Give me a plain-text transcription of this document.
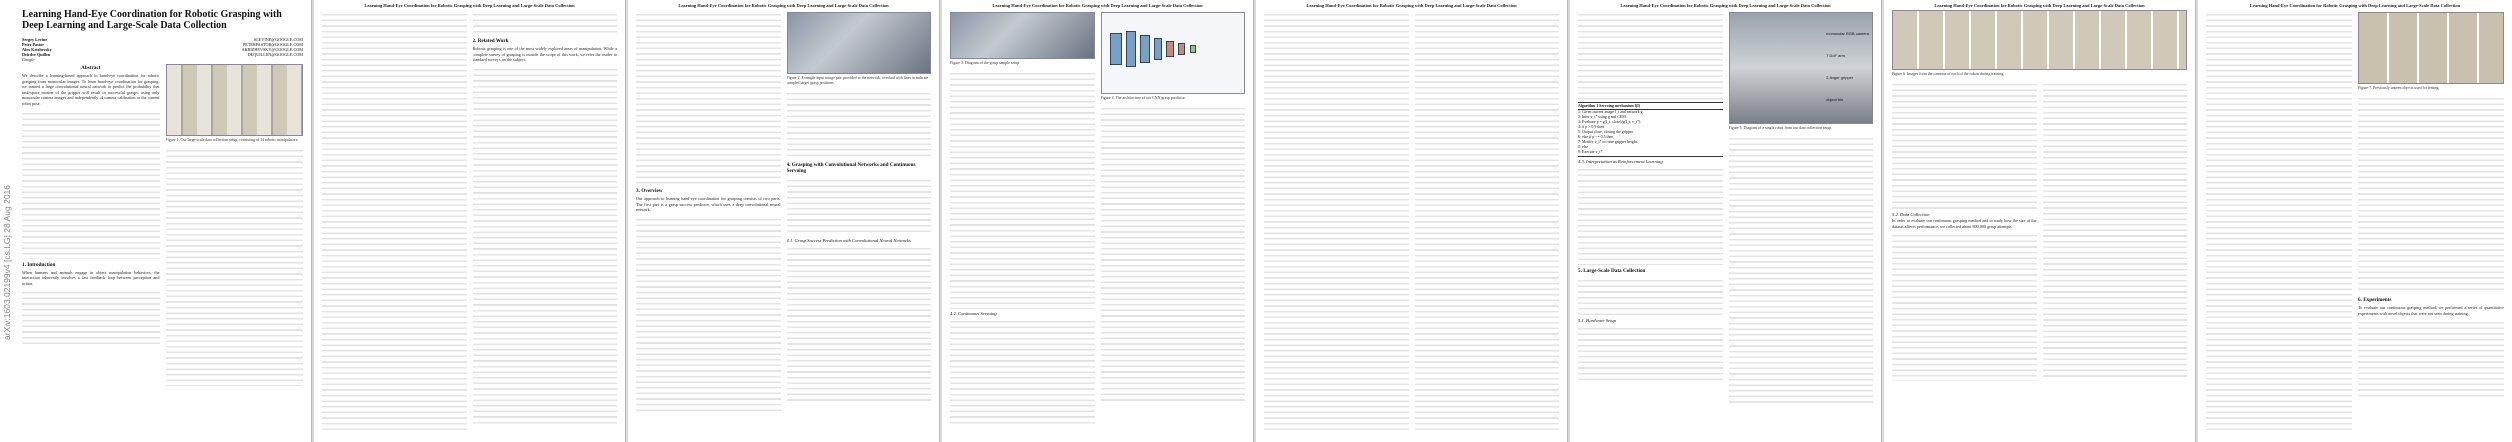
arXiv:1603.02199v4 [cs.LG] 28 Aug 2016
Learning Hand-Eye Coordination for Robotic Grasping with Deep Learning and Large-Scale Data Collection
Sergey Levine
Peter Pastor
Alex Krizhevsky
Deirdre Quillen
Google
SLEVINE@GOOGLE.COM
PETERPASTOR@GOOGLE.COM
AKRIZHEVSKY@GOOGLE.COM
DEQUILLEN@GOOGLE.COM
Abstract

We describe a learning-based approach to hand-eye coordination for robotic grasping from monocular images. To learn hand-eye coordination for grasping, we trained a large convolutional neural network to predict the probability that task-space motion of the gripper will result in successful grasps, using only monocular camera images and independently of camera calibration or the current robot pose.

1. Introduction

When humans and animals engage in object manipulation behaviors, the interaction inherently involves a fast feedback loop between perception and action.

Figure 1. Our large-scale data collection setup, consisting of 14 robotic manipulators.
Learning Hand-Eye Coordination for Robotic Grasping with Deep Learning and Large-Scale Data Collection
2. Related Work

Robotic grasping is one of the most widely explored areas of manipulation. While a complete survey of grasping is outside the scope of this work, we refer the reader to standard surveys on the subject.

Learning Hand-Eye Coordination for Robotic Grasping with Deep Learning and Large-Scale Data Collection
3. Overview

Our approach to learning hand-eye coordination for grasping consists of two parts. The first part is a grasp success predictor, which uses a deep convolutional neural network.

Figure 2. Example input image pair provided to the network, overlaid with lines to indicate sampled target grasp positions.
4. Grasping with Convolutional Networks and Continuous Servoing
4.1. Grasp Success Prediction with Convolutional Neural Networks
Learning Hand-Eye Coordination for Robotic Grasping with Deep Learning and Large-Scale Data Collection
Figure 3. Diagram of the grasp sample setup.
4.2. Continuous Servoing
Figure 4. The architecture of our CNN grasp predictor.
Learning Hand-Eye Coordination for Robotic Grasping with Deep Learning and Large-Scale Data Collection	Learning Hand-Eye Coordination for Robotic Grasping with Deep Learning and Large-Scale Data Collection
Algorithm 1 Servoing mechanism f(I)
1: Given current image I_t and network g.
2: Infer v_t* using g and CEM.
3: Evaluate p = g(I_t, close)/g(I_t, v_t*).
4: if p > 0.9 then
5: Output close, closing the gripper.
6: else if p <= 0.5 then
7: Modify v_t* to raise gripper height.
8: else
9: Execute v_t*.
4.3. Interpretation as Reinforcement Learning
5. Large-Scale Data Collection
5.1. Hardware Setup
monocular RGB camera
7 DoF arm
2-finger gripper
object bin
Figure 5. Diagram of a single robot from our data collection setup.
Learning Hand-Eye Coordination for Robotic Grasping with Deep Learning and Large-Scale Data Collection
Figure 6. Images from the cameras of each of the robots during training.
5.2. Data Collection

In order to evaluate our continuous grasping method and to study how the size of the dataset affects performance, we collected about 800,000 grasp attempts.

Learning Hand-Eye Coordination for Robotic Grasping with Deep Learning and Large-Scale Data Collection
Figure 7. Previously unseen objects used for testing.
6. Experiments

To evaluate our continuous grasping method, we performed a series of quantitative experiments with novel objects that were not seen during training.
